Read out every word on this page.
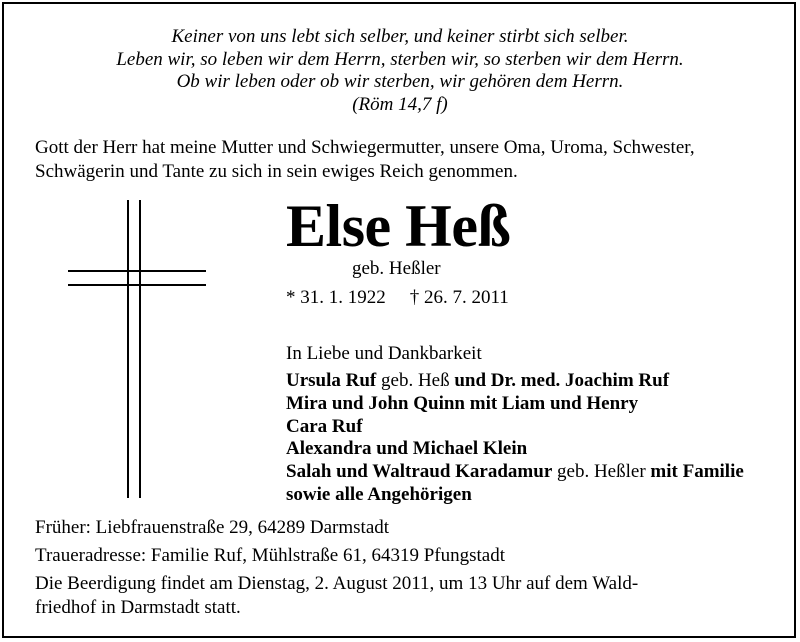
Keiner von uns lebt sich selber, und keiner stirbt sich selber.
Leben wir, so leben wir dem Herrn, sterben wir, so sterben wir dem Herrn.
Ob wir leben oder ob wir sterben, wir gehören dem Herrn.
(Röm 14,7 f)
Gott der Herr hat meine Mutter und Schwiegermutter, unsere Oma, Uroma, Schwester,
Schwägerin und Tante zu sich in sein ewiges Reich genommen.
Else Heß
geb. Heßler
* 31. 1. 1922 † 26. 7. 2011
In Liebe und Dankbarkeit
Ursula Ruf geb. Heß und Dr. med. Joachim Ruf
Mira und John Quinn mit Liam und Henry
Cara Ruf
Alexandra und Michael Klein
Salah und Waltraud Karadamur geb. Heßler mit Familie
sowie alle Angehörigen
Früher: Liebfrauenstraße 29, 64289 Darmstadt
Traueradresse: Familie Ruf, Mühlstraße 61, 64319 Pfungstadt
Die Beerdigung findet am Dienstag, 2. August 2011, um 13 Uhr auf dem Wald-
friedhof in Darmstadt statt.
